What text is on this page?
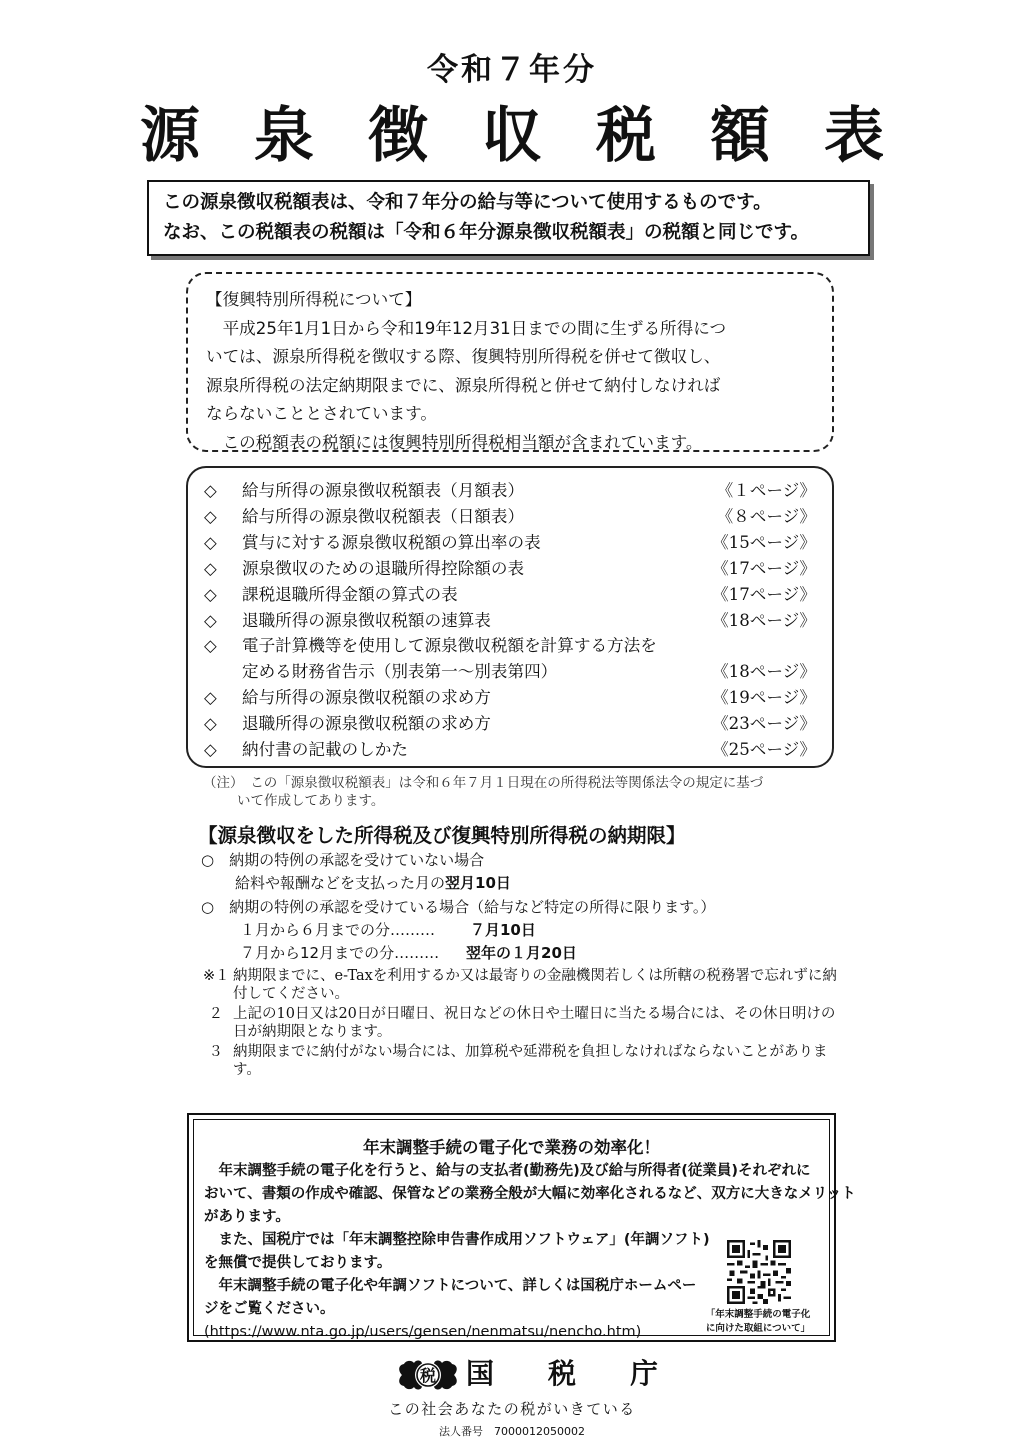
令和７年分
源 泉 徴 収 税 額 表
この源泉徴収税額表は、令和７年分の給与等について使用するものです。
なお、この税額表の税額は「令和６年分源泉徴収税額表」の税額と同じです。
【復興特別所得税について】
平成25年1月1日から令和19年12月31日までの間に生ずる所得につ
いては、源泉所得税を徴収する際、復興特別所得税を併せて徴収し、
源泉所得税の法定納期限までに、源泉所得税と併せて納付しなければ
ならないこととされています。
この税額表の税額には復興特別所得税相当額が含まれています。
◇	給与所得の源泉徴収税額表（月額表）	《１ページ》
◇	給与所得の源泉徴収税額表（日額表）	《８ページ》
◇	賞与に対する源泉徴収税額の算出率の表	《15ページ》
◇	源泉徴収のための退職所得控除額の表	《17ページ》
◇	課税退職所得金額の算式の表	《17ページ》
◇	退職所得の源泉徴収税額の速算表	《18ページ》
◇	電子計算機等を使用して源泉徴収税額を計算する方法を
定める財務省告示（別表第一～別表第四）	《18ページ》
◇	給与所得の源泉徴収税額の求め方	《19ページ》
◇	退職所得の源泉徴収税額の求め方	《23ページ》
◇	納付書の記載のしかた	《25ページ》
（注）　 この「源泉徴収税額表」は令和６年７月１日現在の所得税法等関係法令の規定に基づ
いて作成してあります。
【源泉徴収をした所得税及び復興特別所得税の納期限】
○　納期の特例の承認を受けていない場合
給料や報酬などを支払った月の翌月10日
○　納期の特例の承認を受けている場合（給与など特定の所得に限ります。）
１月から６月までの分……… ７月10日
７月から12月までの分……… 翌年の１月20日
※１ 納期限までに、e-Taxを利用するか又は最寄りの金融機関若しくは所轄の税務署で忘れずに納付してください。
２ 上記の10日又は20日が日曜日、祝日などの休日や土曜日に当たる場合には、その休日明けの日が納期限となります。
３ 納期限までに納付がない場合には、加算税や延滞税を負担しなければならないことがあります。
年末調整手続の電子化で業務の効率化！
　年末調整手続の電子化を行うと、給与の支払者(勤務先)及び給与所得者(従業員)それぞれに
おいて、書類の作成や確認、保管などの業務全般が大幅に効率化されるなど、双方に大きなメリット
があります。
　また、国税庁では「年末調整控除申告書作成用ソフトウェア」(年調ソフト)
を無償で提供しております。
　年末調整手続の電子化や年調ソフトについて、詳しくは国税庁ホームペー
ジをご覧ください。
(https://www.nta.go.jp/users/gensen/nenmatsu/nencho.htm)
「年末調整手続の電子化
に向けた取組について」
税 国 税 庁
この社会あなたの税がいきている
法人番号　7000012050002
